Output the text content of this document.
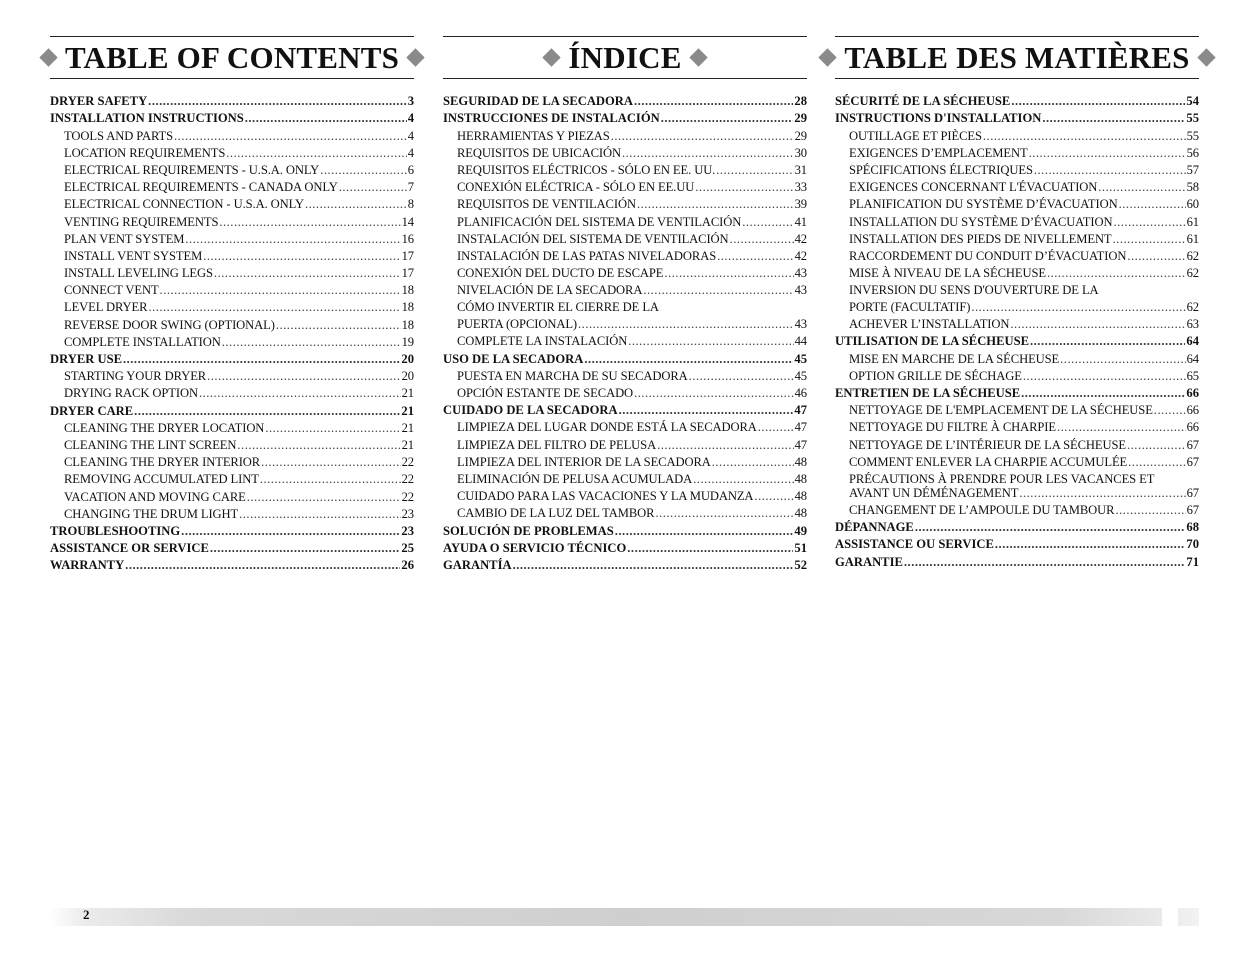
TABLE OF CONTENTS
DRYER SAFETY .....	3
INSTALLATION INSTRUCTIONS .....	4
TOOLS AND PARTS .....	4
LOCATION REQUIREMENTS .....	4
ELECTRICAL REQUIREMENTS - U.S.A. ONLY .....	6
ELECTRICAL REQUIREMENTS - CANADA ONLY .....	7
ELECTRICAL CONNECTION - U.S.A. ONLY .....	8
VENTING REQUIREMENTS .....	14
PLAN VENT SYSTEM .....	16
INSTALL VENT SYSTEM .....	17
INSTALL LEVELING LEGS .....	17
CONNECT VENT .....	18
LEVEL DRYER .....	18
REVERSE DOOR SWING (OPTIONAL) .....	18
COMPLETE INSTALLATION .....	19
DRYER USE .....	20
STARTING YOUR DRYER .....	20
DRYING RACK OPTION .....	21
DRYER CARE .....	21
CLEANING THE DRYER LOCATION .....	21
CLEANING THE LINT SCREEN .....	21
CLEANING THE DRYER INTERIOR .....	22
REMOVING ACCUMULATED LINT .....	22
VACATION AND MOVING CARE .....	22
CHANGING THE DRUM LIGHT .....	23
TROUBLESHOOTING .....	23
ASSISTANCE OR SERVICE .....	25
WARRANTY .....	26
ÍNDICE
SEGURIDAD DE LA SECADORA .....	28
INSTRUCCIONES DE INSTALACIÓN .....	29
HERRAMIENTAS Y PIEZAS .....	29
REQUISITOS DE UBICACIÓN .....	30
REQUISITOS ELÉCTRICOS - SÓLO EN EE. UU. .....	31
CONEXIÓN ELÉCTRICA - SÓLO EN EE.UU .....	33
REQUISITOS DE VENTILACIÓN .....	39
PLANIFICACIÓN DEL SISTEMA DE VENTILACIÓN .....	41
INSTALACIÓN DEL SISTEMA DE VENTILACIÓN .....	42
INSTALACIÓN DE LAS PATAS NIVELADORAS .....	42
CONEXIÓN DEL DUCTO DE ESCAPE .....	43
NIVELACIÓN DE LA SECADORA .....	43
CÓMO INVERTIR EL CIERRE DE LA
PUERTA (OPCIONAL) .....	43
COMPLETE LA INSTALACIÓN .....	44
USO DE LA SECADORA .....	45
PUESTA EN MARCHA DE SU SECADORA .....	45
OPCIÓN ESTANTE DE SECADO .....	46
CUIDADO DE LA SECADORA .....	47
LIMPIEZA DEL LUGAR DONDE ESTÁ LA SECADORA .....	47
LIMPIEZA DEL FILTRO DE PELUSA .....	47
LIMPIEZA DEL INTERIOR DE LA SECADORA .....	48
ELIMINACIÓN DE PELUSA ACUMULADA .....	48
CUIDADO PARA LAS VACACIONES Y LA MUDANZA .....	48
CAMBIO DE LA LUZ DEL TAMBOR .....	48
SOLUCIÓN DE PROBLEMAS .....	49
AYUDA O SERVICIO TÉCNICO .....	51
GARANTÍA .....	52
TABLE DES MATIÈRES
SÉCURITÉ DE LA SÉCHEUSE .....	54
INSTRUCTIONS D'INSTALLATION .....	55
OUTILLAGE ET PIÈCES .....	55
EXIGENCES D’EMPLACEMENT .....	56
SPÉCIFICATIONS ÉLECTRIQUES .....	57
EXIGENCES CONCERNANT L'ÉVACUATION .....	58
PLANIFICATION DU SYSTÈME D’ÉVACUATION .....	60
INSTALLATION DU SYSTÈME D’ÉVACUATION .....	61
INSTALLATION DES PIEDS DE NIVELLEMENT .....	61
RACCORDEMENT DU CONDUIT D’ÉVACUATION .....	62
MISE À NIVEAU DE LA SÉCHEUSE .....	62
INVERSION DU SENS D'OUVERTURE DE LA
PORTE (FACULTATIF) .....	62
ACHEVER L’INSTALLATION .....	63
UTILISATION DE LA SÉCHEUSE .....	64
MISE EN MARCHE DE LA SÉCHEUSE .....	64
OPTION GRILLE DE SÉCHAGE .....	65
ENTRETIEN DE LA SÉCHEUSE .....	66
NETTOYAGE DE L'EMPLACEMENT DE LA SÉCHEUSE .....	66
NETTOYAGE DU FILTRE À CHARPIE .....	66
NETTOYAGE DE L’INTÉRIEUR DE LA SÉCHEUSE .....	67
COMMENT ENLEVER LA CHARPIE ACCUMULÉE .....	67
PRÉCAUTIONS À PRENDRE POUR LES VACANCES ET
AVANT UN DÉMÉNAGEMENT .....	67
CHANGEMENT DE L’AMPOULE DU TAMBOUR .....	67
DÉPANNAGE .....	68
ASSISTANCE OU SERVICE .....	70
GARANTIE .....	71
2
